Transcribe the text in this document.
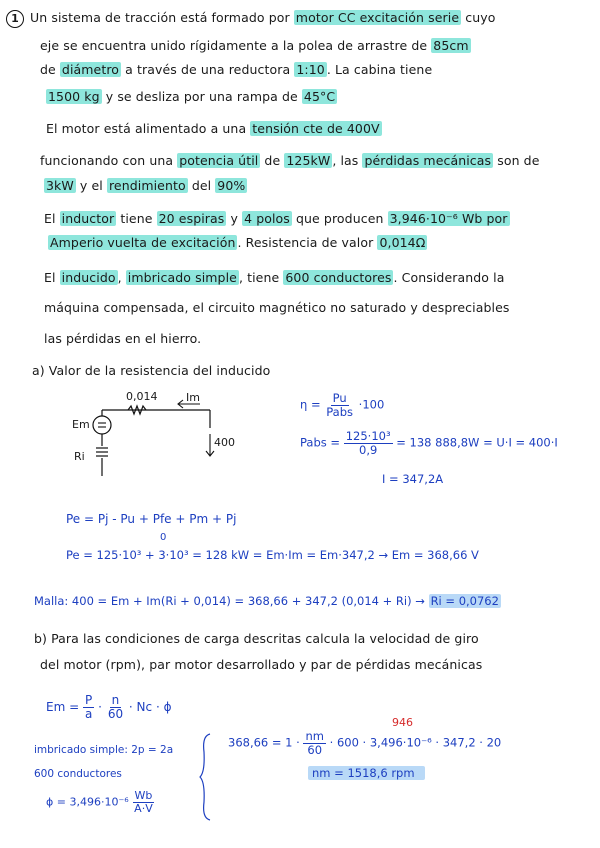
1 Un sistema de tracción está formado por motor CC excitación serie cuyo
eje se encuentra unido rígidamente a la polea de arrastre de 85cm
de diámetro a través de una reductora 1:10 . La cabina tiene
1500 kg y se desliza por una rampa de 45°C
El motor está alimentado a una tensión cte de 400V
funcionando con una potencia útil de 125kW , las pérdidas mecánicas son de
3kW y el rendimiento del 90%
El inductor tiene 20 espiras y 4 polos que producen 3,946·10⁻⁶ Wb por
Amperio vuelta de excitación . Resistencia de valor 0,014Ω
El inducido , imbricado simple , tiene 600 conductores . Considerando la
máquina compensada, el circuito magnético no saturado y despreciables
las pérdidas en el hierro.
a) Valor de la resistencia del inducido
0,014	Im
Em
Ri
400
$\eta = \frac{Pu}{\text{Pabs}} \cdot 100$
Pabs = $\frac{\text{125·10³}}{0,9} = 138$ 888,8W = U·I = 400·I
I = 347,2A
Pe = Pj - Pu + Pfe + Pm + Pj
0
Pe = 125·10³ + 3·10³ = 128 kW = Em·Im = Em·347,2 → Em = 368,66 V
Malla: 400 = Em + Im(Ri + 0,014) = 368,66 + 347,2 (0,014 + Ri) → Ri = 0,0762
b) Para las condiciones de carga descritas calcula la velocidad de giro
del motor (rpm), par motor desarrollado y par de pérdidas mecánicas
$Em = \frac{P}{a} \cdot \frac{n}{60} \cdot Nc \cdot \phi$
imbricado simple: 2p = 2a
600 conductores
$\phi = 3,496\cdot 10^{-6} \frac{Wb}{A\cdot V}$
946
$368,66 = 1 \cdot \frac{nm}{60} \cdot 600 \cdot 3,496\cdot 10^{-6} \cdot 347,2 \cdot 20$
nm = 1518,6 rpm
